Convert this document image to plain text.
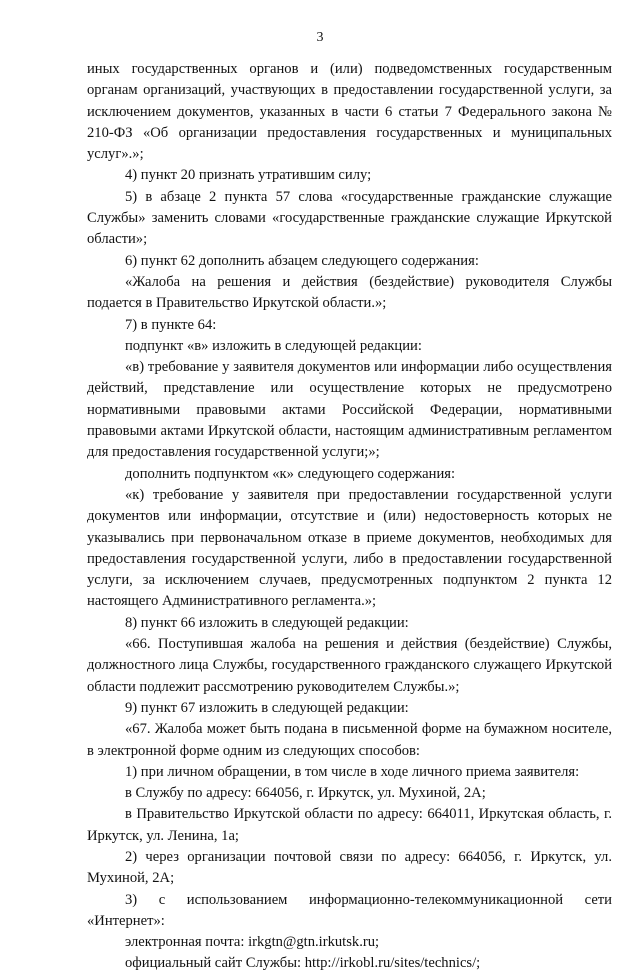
3

иных государственных органов и (или) подведомственных государственным органам организаций, участвующих в предоставлении государственной услуги, за исключением документов, указанных в части 6 статьи 7 Федерального закона № 210-ФЗ «Об организации предоставления государственных и муниципальных услуг».»;

4) пункт 20 признать утратившим силу;

5) в абзаце 2 пункта 57 слова «государственные гражданские служащие Службы» заменить словами «государственные гражданские служащие Иркутской области»;

6) пункт 62 дополнить абзацем следующего содержания:

«Жалоба на решения и действия (бездействие) руководителя Службы подается в Правительство Иркутской области.»;

7) в пункте 64:

подпункт «в» изложить в следующей редакции:

«в) требование у заявителя документов или информации либо осуществления действий, представление или осуществление которых не предусмотрено нормативными правовыми актами Российской Федерации, нормативными правовыми актами Иркутской области, настоящим административным регламентом для предоставления государственной услуги;»;

дополнить подпунктом «к» следующего содержания:

«к) требование у заявителя при предоставлении государственной услуги документов или информации, отсутствие и (или) недостоверность которых не указывались при первоначальном отказе в приеме документов, необходимых для предоставления государственной услуги, либо в предоставлении государственной услуги, за исключением случаев, предусмотренных подпунктом 2 пункта 12 настоящего Административного регламента.»;

8) пункт 66 изложить в следующей редакции:

«66. Поступившая жалоба на решения и действия (бездействие) Службы, должностного лица Службы, государственного гражданского служащего Иркутской области подлежит рассмотрению руководителем Службы.»;

9) пункт 67 изложить в следующей редакции:

«67. Жалоба может быть подана в письменной форме на бумажном носителе, в электронной форме одним из следующих способов:

1) при личном обращении, в том числе в ходе личного приема заявителя:

в Службу по адресу: 664056, г. Иркутск, ул. Мухиной, 2А;

в Правительство Иркутской области по адресу: 664011, Иркутская область, г. Иркутск, ул. Ленина, 1а;

2) через организации почтовой связи по адресу: 664056, г. Иркутск, ул. Мухиной, 2А;

3) с использованием информационно-телекоммуникационной сети «Интернет»:

электронная почта: irkgtn@gtn.irkutsk.ru;

официальный сайт Службы: http://irkobl.ru/sites/technics/;
